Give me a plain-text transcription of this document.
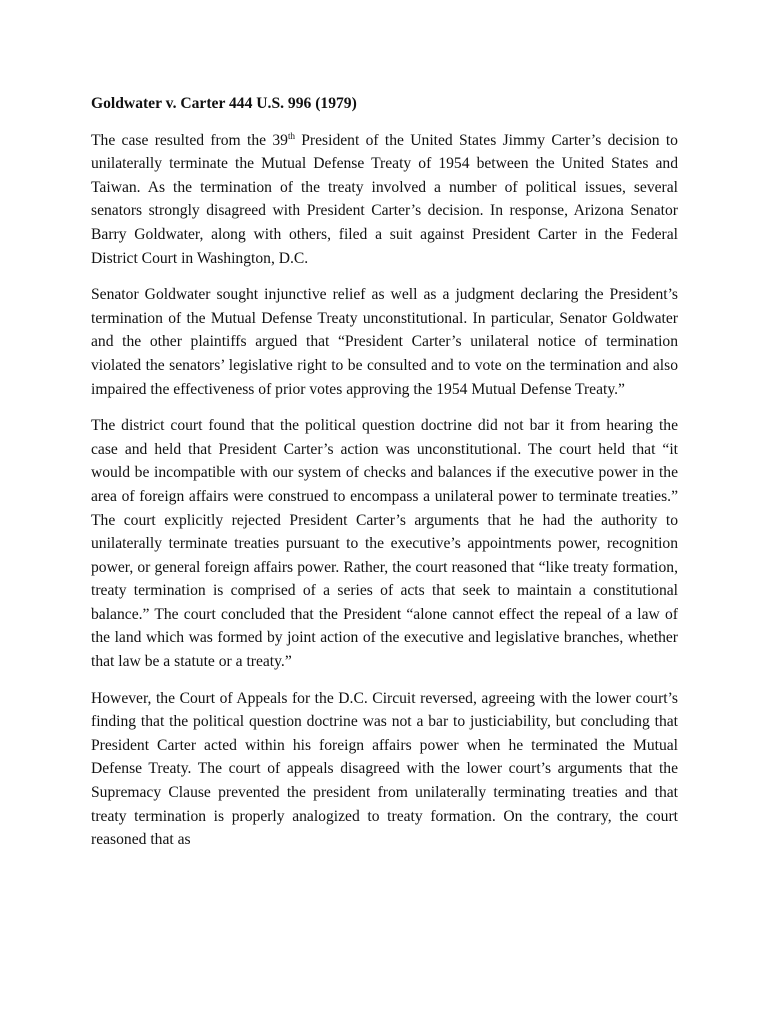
Goldwater v. Carter 444 U.S. 996 (1979)

The case resulted from the 39th President of the United States Jimmy Carter’s decision to unilaterally terminate the Mutual Defense Treaty of 1954 between the United States and Taiwan. As the termination of the treaty involved a number of political issues, several senators strongly disagreed with President Carter’s decision. In response, Arizona Senator Barry Goldwater, along with others, filed a suit against President Carter in the Federal District Court in Washington, D.C.

Senator Goldwater sought injunctive relief as well as a judgment declaring the President’s termination of the Mutual Defense Treaty unconstitutional. In particular, Senator Goldwater and the other plaintiffs argued that “President Carter’s unilateral notice of termination violated the senators’ legislative right to be consulted and to vote on the termination and also impaired the effectiveness of prior votes approving the 1954 Mutual Defense Treaty.”

The district court found that the political question doctrine did not bar it from hearing the case and held that President Carter’s action was unconstitutional. The court held that “it would be incompatible with our system of checks and balances if the executive power in the area of foreign affairs were construed to encompass a unilateral power to terminate treaties.” The court explicitly rejected President Carter’s arguments that he had the authority to unilaterally terminate treaties pursuant to the executive’s appointments power, recognition power, or general foreign affairs power. Rather, the court reasoned that “like treaty formation, treaty termination is comprised of a series of acts that seek to maintain a constitutional balance.” The court concluded that the President “alone cannot effect the repeal of a law of the land which was formed by joint action of the executive and legislative branches, whether that law be a statute or a treaty.”

However, the Court of Appeals for the D.C. Circuit reversed, agreeing with the lower court’s finding that the political question doctrine was not a bar to justiciability, but concluding that President Carter acted within his foreign affairs power when he terminated the Mutual Defense Treaty. The court of appeals disagreed with the lower court’s arguments that the Supremacy Clause prevented the president from unilaterally terminating treaties and that treaty termination is properly analogized to treaty formation. On the contrary, the court reasoned that as
